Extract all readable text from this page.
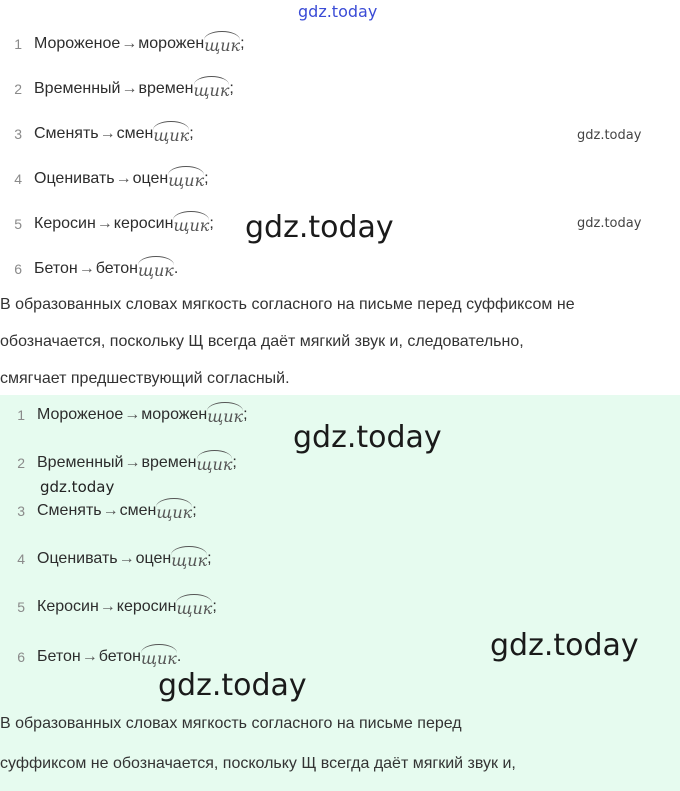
gdz.today
1 Мороженое → морожен щик ;
2 Временный → времен щик ;
3 Сменять → смен щик ;
4 Оценивать → оцен щик ;
5 Керосин → керосин щик ;
6 Бетон → бетон щик .
gdz.today
gdz.today
gdz.today
В образованных словах мягкость согласного на письме перед суффиксом не
обозначается, поскольку Щ всегда даёт мягкий звук и, следовательно,
смягчает предшествующий согласный.
1 Мороженое → морожен щик ;
2 Временный → времен щик ;
3 Сменять → смен щик ;
4 Оценивать → оцен щик ;
5 Керосин → керосин щик ;
6 Бетон → бетон щик .
gdz.today
gdz.today
gdz.today
gdz.today
В образованных словах мягкость согласного на письме перед
суффиксом не обозначается, поскольку Щ всегда даёт мягкий звук и,
